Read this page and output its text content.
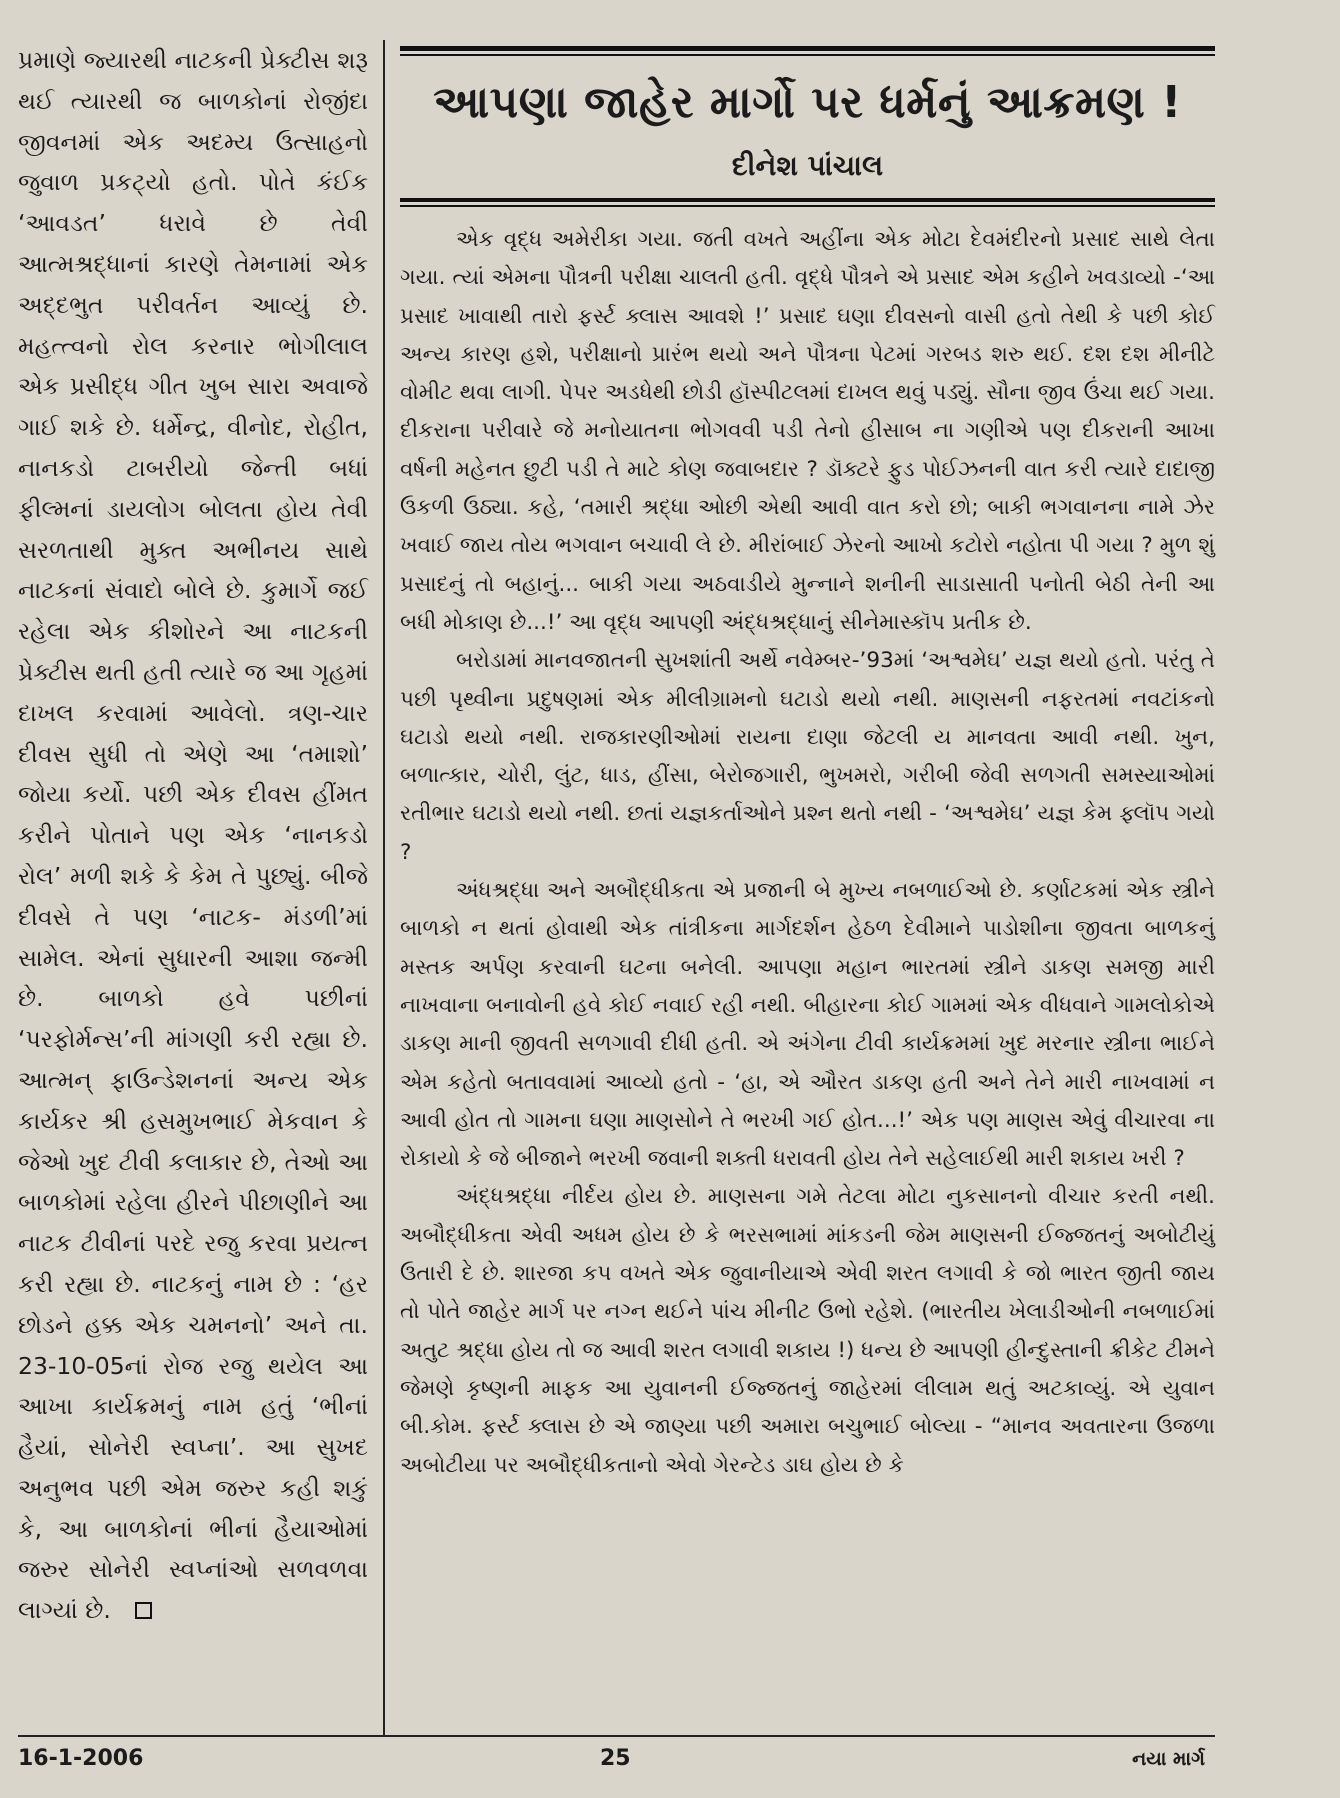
પ્રમાણે જ્યારથી નાટકની પ્રેક્ટીસ શરૂ થઈ ત્યારથી જ બાળકોનાં રોજીંદા જીવનમાં એક અદમ્ય ઉત્સાહનો જુવાળ પ્રકટ્યો હતો. પોતે કંઈક ‘આવડત’ ધરાવે છે તેવી આત્મશ્રદ્ધાનાં કારણે તેમનામાં એક અદ્દભુત પરીવર્તન આવ્યું છે. મહત્ત્વનો રોલ કરનાર ભોગીલાલ એક પ્રસીદ્ધ ગીત ખુબ સારા અવાજે ગાઈ શકે છે. ધર્મેન્દ્ર, વીનોદ, રોહીત, નાનકડો ટાબરીયો જેન્તી બધાં ફીલ્મનાં ડાયલોગ બોલતા હોય તેવી સરળતાથી મુક્ત અભીનય સાથે નાટકનાં સંવાદો બોલે છે. કુમાર્ગે જઈ રહેલા એક કીશોરને આ નાટકની પ્રેક્ટીસ થતી હતી ત્યારે જ આ ગૃહમાં દાખલ કરવામાં આવેલો. ત્રણ-ચાર દીવસ સુધી તો એણે આ ‘તમાશો’ જોયા કર્યો. પછી એક દીવસ હીંમત કરીને પોતાને પણ એક ‘નાનકડો રોલ’ મળી શકે કે કેમ તે પુછ્યું. બીજે દીવસે તે પણ ‘નાટક- મંડળી’માં સામેલ. એનાં સુધારની આશા જન્મી છે. બાળકો હવે પછીનાં ‘પરફોર્મન્સ’ની માંગણી કરી રહ્યા છે. આત્મન્ ફાઉન્ડેશનનાં અન્ય એક કાર્યકર શ્રી હસમુખભાઈ મેકવાન કે જેઓ ખુદ ટીવી કલાકાર છે, તેઓ આ બાળકોમાં રહેલા હીરને પીછાણીને આ નાટક ટીવીનાં પરદે રજુ કરવા પ્રયત્ન કરી રહ્યા છે. નાટકનું નામ છે : ‘હર છોડને હક્ક એક ચમનનો’ અને તા. 23-10-05નાં રોજ રજુ થયેલ આ આખા કાર્યક્રમનું નામ હતું ‘ભીનાં હૈયાં, સોનેરી સ્વપ્ના’. આ સુખદ અનુભવ પછી એમ જરુર કહી શકું કે, આ બાળકોનાં ભીનાં હૈયાઓમાં જરુર સોનેરી સ્વપ્નાંઓ સળવળવા લાગ્યાં છે.

આપણા જાહેર માર્ગો પર ધર્મનું આક્રમણ !
દીનેશ પાંચાલ

એક વૃદ્ધ અમેરીકા ગયા. જતી વખતે અહીંના એક મોટા દેવમંદીરનો પ્રસાદ સાથે લેતા ગયા. ત્યાં એમના પૌત્રની પરીક્ષા ચાલતી હતી. વૃદ્ધે પૌત્રને એ પ્રસાદ એમ કહીને ખવડાવ્યો -‘આ પ્રસાદ ખાવાથી તારો ફર્સ્ટ ક્લાસ આવશે !’ પ્રસાદ ઘણા દીવસનો વાસી હતો તેથી કે પછી કોઈ અન્ય કારણ હશે, પરીક્ષાનો પ્રારંભ થયો અને પૌત્રના પેટમાં ગરબડ શરુ થઈ. દશ દશ મીનીટે વોમીટ થવા લાગી. પેપર અડધેથી છોડી હૉસ્પીટલમાં દાખલ થવું પડ્યું. સૌના જીવ ઉંચા થઈ ગયા. દીકરાના પરીવારે જે મનોયાતના ભોગવવી પડી તેનો હીસાબ ના ગણીએ પણ દીકરાની આખા વર્ષની મહેનત છુટી પડી તે માટે કોણ જવાબદાર ? ડૉક્ટરે ફુડ પોઈઝનની વાત કરી ત્યારે દાદાજી ઉકળી ઉઠ્યા. કહે, ‘તમારી શ્રદ્ધા ઓછી એથી આવી વાત કરો છો; બાકી ભગવાનના નામે ઝેર ખવાઈ જાય તોય ભગવાન બચાવી લે છે. મીરાંબાઈ ઝેરનો આખો કટોરો નહોતા પી ગયા ? મુળ શું પ્રસાદનું તો બહાનું... બાકી ગયા અઠવાડીયે મુન્નાને શનીની સાડાસાતી પનોતી બેઠી તેની આ બધી મોકાણ છે...!’ આ વૃદ્ધ આપણી અંદ્ધશ્રદ્ધાનું સીનેમાસ્કૉપ પ્રતીક છે.

બરોડામાં માનવજાતની સુખશાંતી અર્થે નવેમ્બર-’93માં ‘અશ્વમેઘ’ યજ્ઞ થયો હતો. પરંતુ તે પછી પૃથ્વીના પ્રદુષણમાં એક મીલીગ્રામનો ઘટાડો થયો નથી. માણસની નફરતમાં નવટાંકનો ઘટાડો થયો નથી. રાજકારણીઓમાં રાયના દાણા જેટલી ય માનવતા આવી નથી. ખુન, બળાત્કાર, ચોરી, લુંટ, ધાડ, હીંસા, બેરોજગારી, ભુખમરો, ગરીબી જેવી સળગતી સમસ્યાઓમાં રતીભાર ઘટાડો થયો નથી. છતાં યજ્ઞકર્તાઓને પ્રશ્ન થતો નથી - ‘અશ્વમેઘ’ યજ્ઞ કેમ ફ્લૉપ ગયો ?

અંધશ્રદ્ધા અને અબૌદ્ધીકતા એ પ્રજાની બે મુખ્ય નબળાઈઓ છે. કર્ણાટકમાં એક સ્ત્રીને બાળકો ન થતાં હોવાથી એક તાંત્રીકના માર્ગદર્શન હેઠળ દેવીમાને પાડોશીના જીવતા બાળકનું મસ્તક અર્પણ કરવાની ઘટના બનેલી. આપણા મહાન ભારતમાં સ્ત્રીને ડાકણ સમજી મારી નાખવાના બનાવોની હવે કોઈ નવાઈ રહી નથી. બીહારના કોઈ ગામમાં એક વીધવાને ગામલોકોએ ડાકણ માની જીવતી સળગાવી દીધી હતી. એ અંગેના ટીવી કાર્યક્રમમાં ખુદ મરનાર સ્ત્રીના ભાઈને એમ કહેતો બતાવવામાં આવ્યો હતો - ‘હા, એ ઔરત ડાકણ હતી અને તેને મારી નાખવામાં ન આવી હોત તો ગામના ઘણા માણસોને તે ભરખી ગઈ હોત...!’ એક પણ માણસ એવું વીચારવા ના રોકાયો કે જે બીજાને ભરખી જવાની શક્તી ધરાવતી હોય તેને સહેલાઈથી મારી શકાય ખરી ?

અંદ્ધશ્રદ્ધા નીર્દય હોય છે. માણસના ગમે તેટલા મોટા નુકસાનનો વીચાર કરતી નથી. અબૌદ્ધીકતા એવી અધમ હોય છે કે ભરસભામાં માંકડની જેમ માણસની ઈજ્જતનું અબોટીયું ઉતારી દે છે. શારજા કપ વખતે એક જુવાનીયાએ એવી શરત લગાવી કે જો ભારત જીતી જાય તો પોતે જાહેર માર્ગ પર નગ્ન થઈને પાંચ મીનીટ ઉભો રહેશે. (ભારતીય ખેલાડીઓની નબળાઈમાં અતુટ શ્રદ્ધા હોય તો જ આવી શરત લગાવી શકાય !) ધન્ય છે આપણી હીન્દુસ્તાની ક્રીકેટ ટીમને જેમણે કૃષ્ણની માફક આ યુવાનની ઈજ્જતનું જાહેરમાં લીલામ થતું અટકાવ્યું. એ યુવાન બી.કોમ. ફર્સ્ટ ક્લાસ છે એ જાણ્યા પછી અમારા બચુભાઈ બોલ્યા - “માનવ અવતારના ઉજળા અબોટીયા પર અબૌદ્ધીકતાનો એવો ગેરન્ટેડ ડાઘ હોય છે કે

16-1-2006	25	નયા માર્ગ
